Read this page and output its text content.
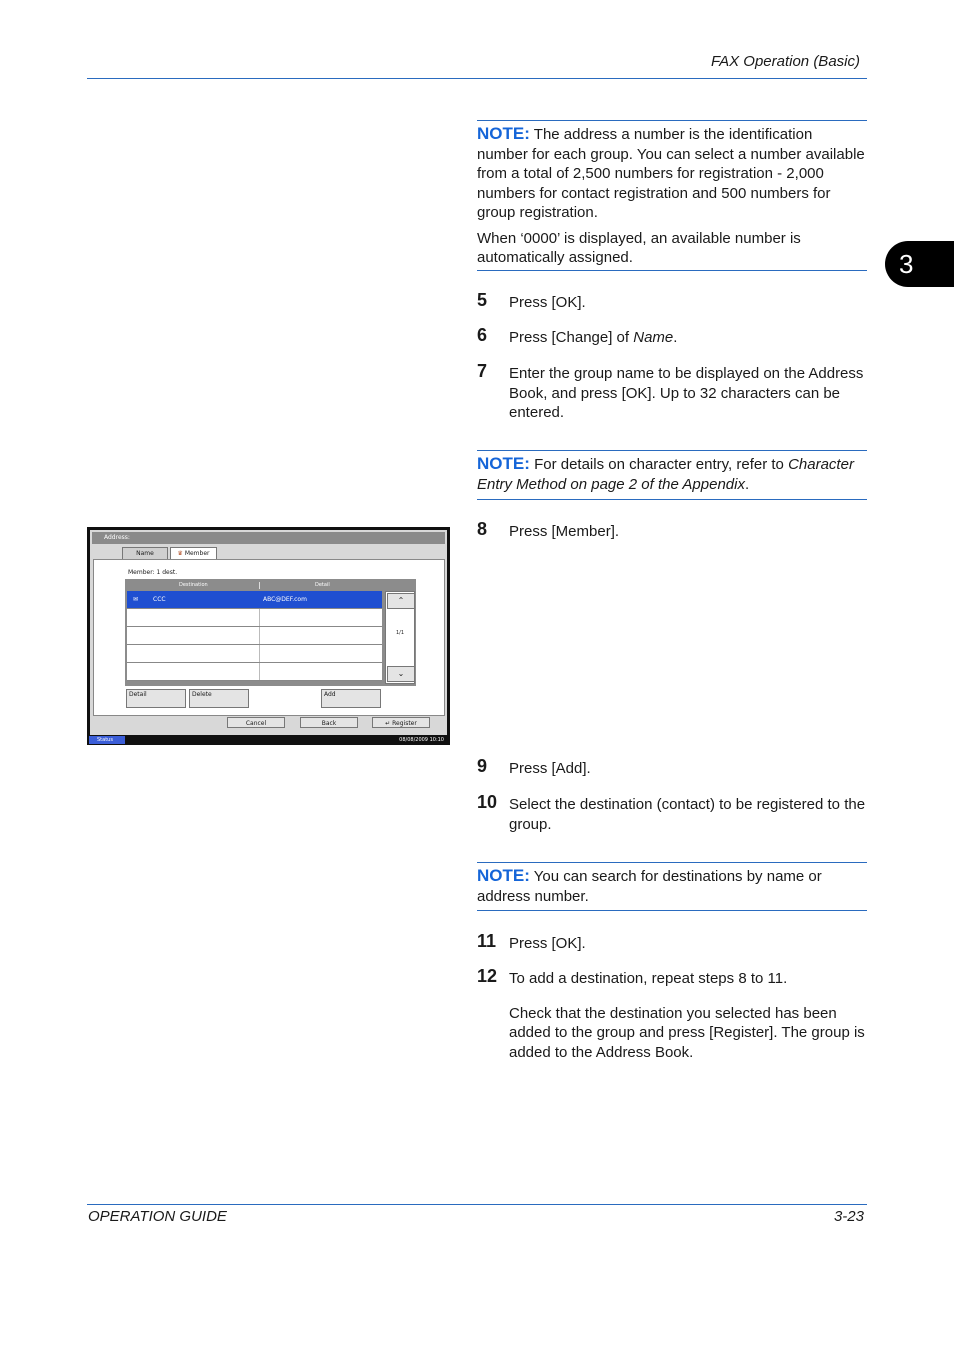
FAX Operation (Basic)
3

NOTE: The address a number is the identification number for each group. You can select a number available from a total of 2,500 numbers for registration - 2,000 numbers for contact registration and 500 numbers for group registration.

When ‘0000’ is displayed, an available number is automatically assigned.

5 Press [OK].
6 Press [Change] of Name.
7 Enter the group name to be displayed on the Address Book, and press [OK]. Up to 32 characters can be entered.

NOTE: For details on character entry, refer to Character Entry Method on page 2 of the Appendix.

8 Press [Member].
Address:
Name	♛ Member
Member: 1 dest.
Destination	Detail
✉ CCC	ABC@DEF.com	⌃
1/1
⌄
Detail	Delete	Add
Cancel	Back	↵ Register
Status	08/08/2009 10:10
9 Press [Add].
10 Select the destination (contact) to be registered to the group.

NOTE: You can search for destinations by name or address number.

11 Press [OK].
12 To add a destination, repeat steps 8 to 11.
Check that the destination you selected has been added to the group and press [Register]. The group is added to the Address Book.
OPERATION GUIDE	3-23
